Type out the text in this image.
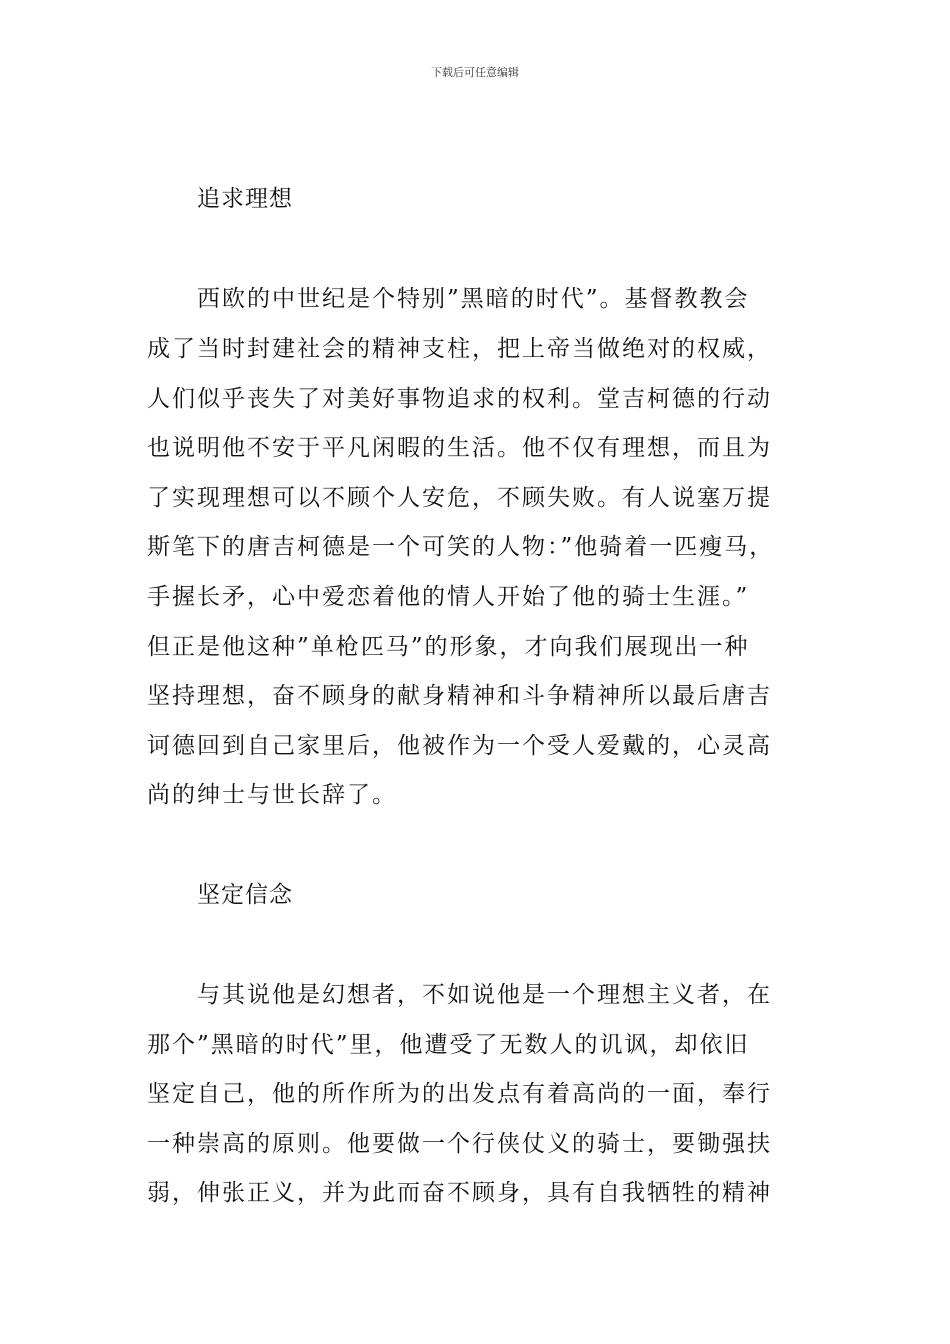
下载后可任意编辑
追求理想
西欧的中世纪是个特别”黑暗的时代”。基督教教会
成了当时封建社会的精神支柱，把上帝当做绝对的权威，
人们似乎丧失了对美好事物追求的权利。堂吉柯德的行动
也说明他不安于平凡闲暇的生活。他不仅有理想，而且为
了实现理想可以不顾个人安危，不顾失败。有人说塞万提
斯笔下的唐吉柯德是一个可笑的人物：”他骑着一匹瘦马，
手握长矛，心中爱恋着他的情人开始了他的骑士生涯。”
但正是他这种”单枪匹马”的形象，才向我们展现出一种
坚持理想，奋不顾身的献身精神和斗争精神所以最后唐吉
诃德回到自己家里后，他被作为一个受人爱戴的，心灵高
尚的绅士与世长辞了。
坚定信念
与其说他是幻想者，不如说他是一个理想主义者，在
那个”黑暗的时代”里，他遭受了无数人的讥讽，却依旧
坚定自己，他的所作所为的出发点有着高尚的一面，奉行
一种崇高的原则。他要做一个行侠仗义的骑士，要锄强扶
弱，伸张正义，并为此而奋不顾身，具有自我牺牲的精神
